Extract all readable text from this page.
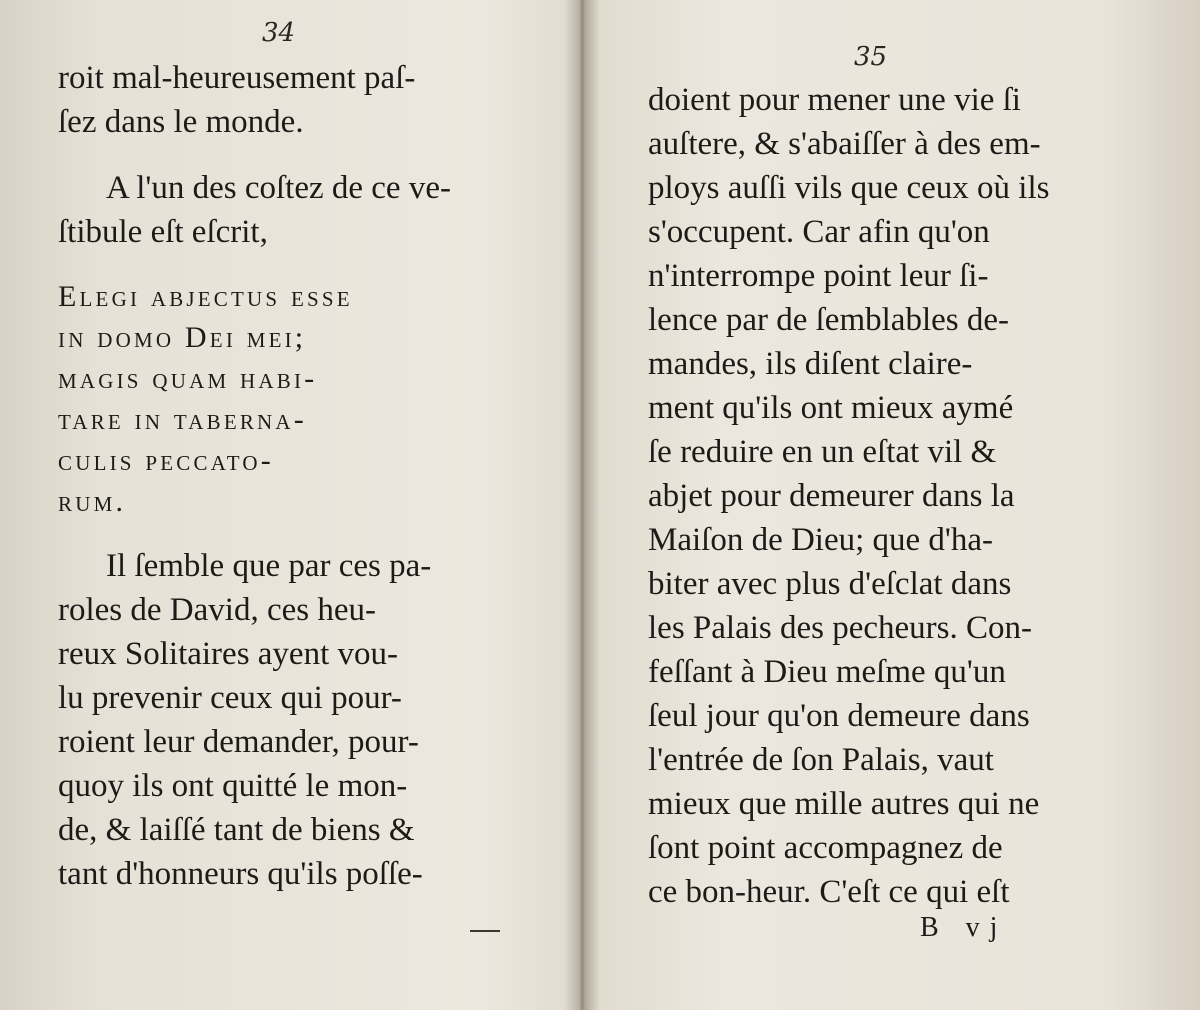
34
roit mal-heureusement paſ-
ſez dans le monde.
A l'un des coſtez de ce ve-
ſtibule eſt eſcrit,
Elegi abjectus esse
in domo Dei mei;
magis quam habi-
tare in taberna-
culis peccato-
rum.
Il ſemble que par ces pa-
roles de David, ces heu-
reux Solitaires ayent vou-
lu prevenir ceux qui pour-
roient leur demander, pour-
quoy ils ont quitté le mon-
de, & laiſſé tant de biens &
tant d'honneurs qu'ils poſſe-
35
doient pour mener une vie ſi
auſtere, & s'abaiſſer à des em-
ploys auſſi vils que ceux où ils
s'occupent. Car afin qu'on
n'interrompe point leur ſi-
lence par de ſemblables de-
mandes, ils diſent claire-
ment qu'ils ont mieux aymé
ſe reduire en un eſtat vil &
abjet pour demeurer dans la
Maiſon de Dieu; que d'ha-
biter avec plus d'eſclat dans
les Palais des pecheurs. Con-
feſſant à Dieu meſme qu'un
ſeul jour qu'on demeure dans
l'entrée de ſon Palais, vaut
mieux que mille autres qui ne
ſont point accompagnez de
ce bon-heur. C'eſt ce qui eſt
B vj
